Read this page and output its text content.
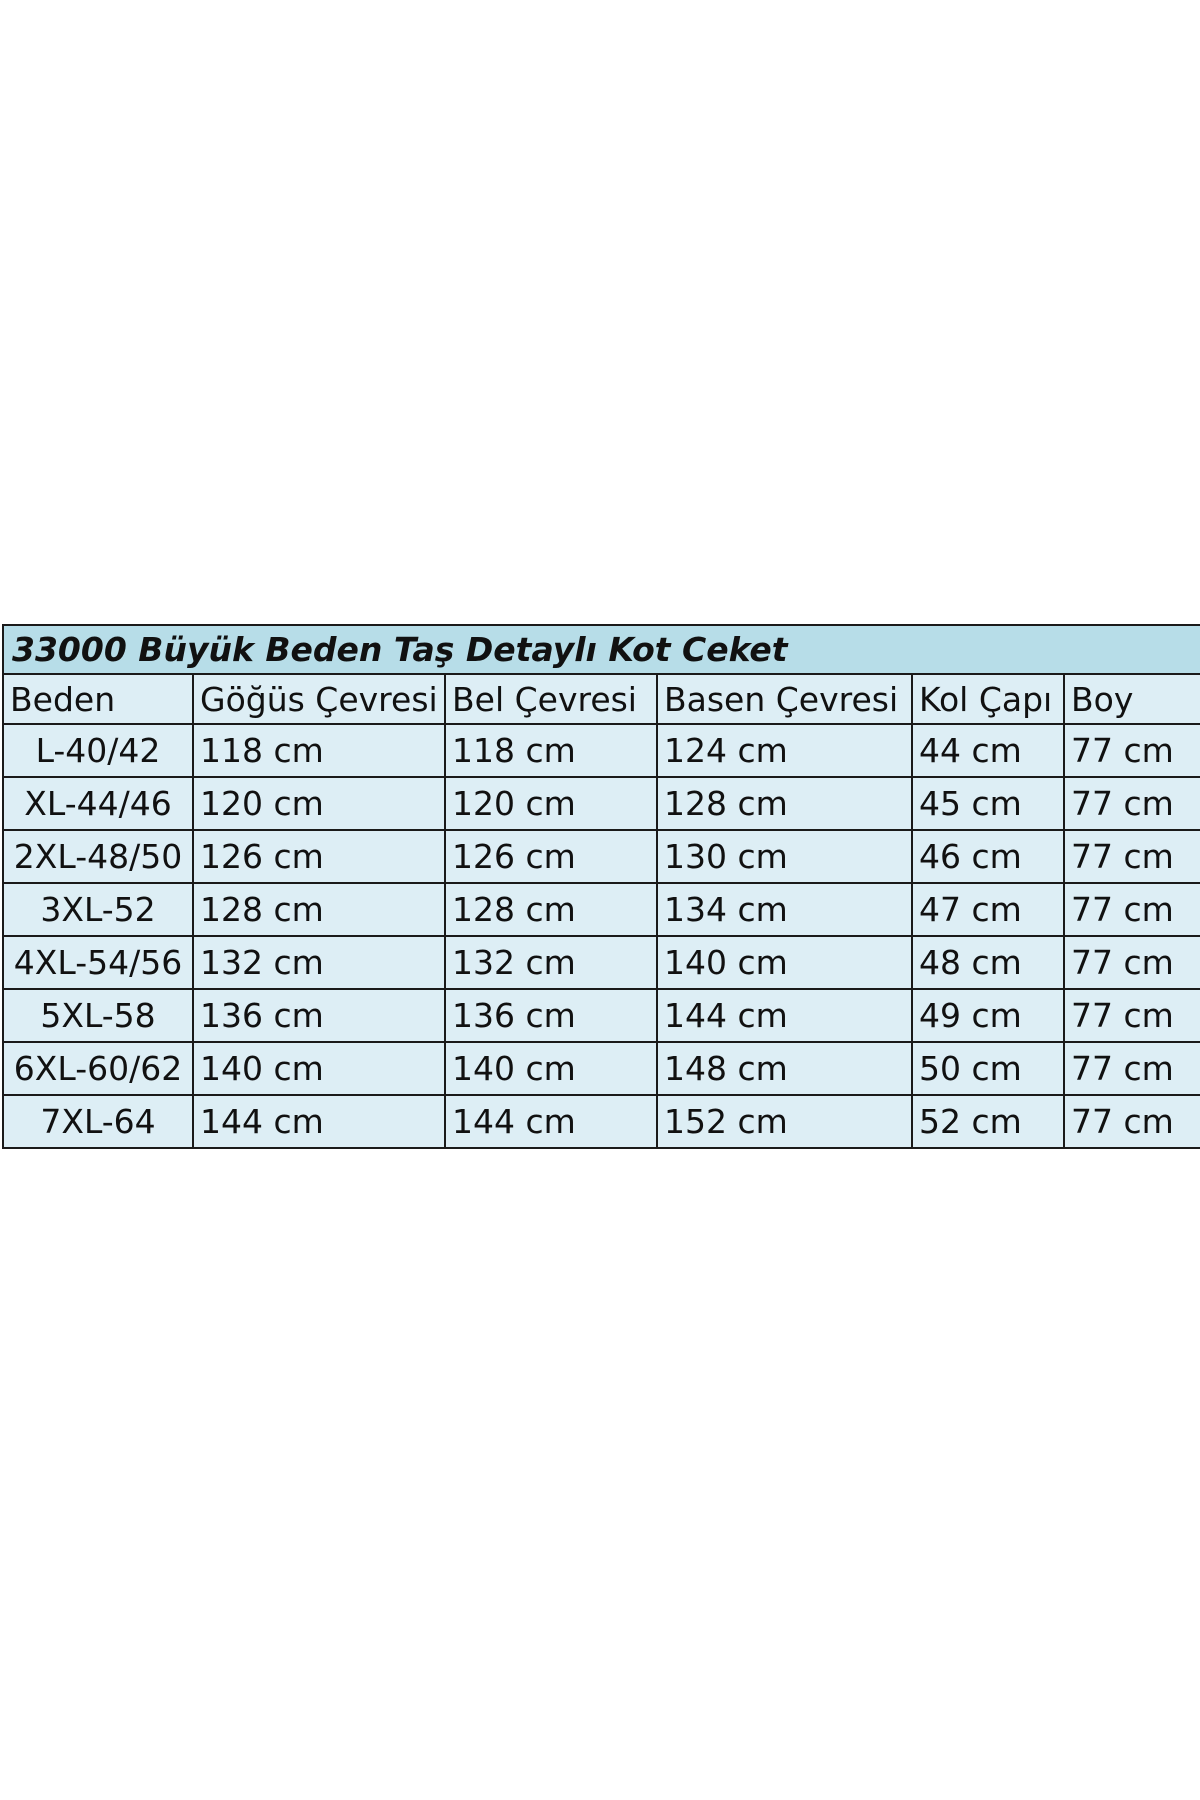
33000 Büyük Beden Taş Detaylı Kot Ceket					
Beden	Göğüs Çevresi	Bel Çevresi	Basen Çevresi	Kol Çapı	Boy
L-40/42	118 cm	118 cm	124 cm	44 cm	77 cm
XL-44/46	120 cm	120 cm	128 cm	45 cm	77 cm
2XL-48/50	126 cm	126 cm	130 cm	46 cm	77 cm
3XL-52	128 cm	128 cm	134 cm	47 cm	77 cm
4XL-54/56	132 cm	132 cm	140 cm	48 cm	77 cm
5XL-58	136 cm	136 cm	144 cm	49 cm	77 cm
6XL-60/62	140 cm	140 cm	148 cm	50 cm	77 cm
7XL-64	144 cm	144 cm	152 cm	52 cm	77 cm
